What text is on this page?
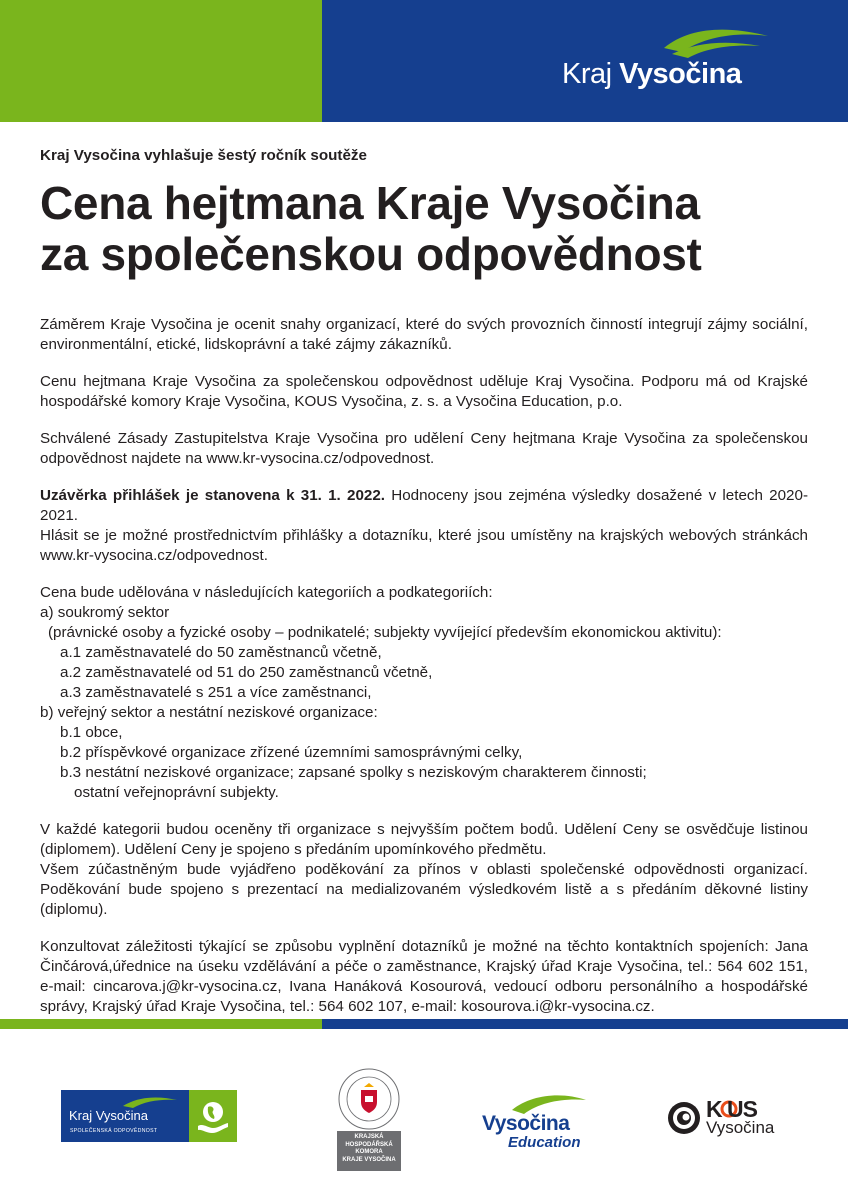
Kraj Vysočina

Kraj Vysočina vyhlašuje šestý ročník soutěže

Cena hejtmana Kraje Vysočina
za společenskou odpovědnost

Záměrem Kraje Vysočina je ocenit snahy organizací, které do svých provozních činností integrují zájmy sociální, environmentální, etické, lidskoprávní a také zájmy zákazníků.

Cenu hejtmana Kraje Vysočina za společenskou odpovědnost uděluje Kraj Vysočina. Podporu má od Krajské hospodářské komory Kraje Vysočina, KOUS Vysočina, z. s. a Vysočina Education, p.o.

Schválené Zásady Zastupitelstva Kraje Vysočina pro udělení Ceny hejtmana Kraje Vysočina za společenskou odpovědnost najdete na www.kr-vysocina.cz/odpovednost.

Uzávěrka přihlášek je stanovena k 31. 1. 2022. Hodnoceny jsou zejména výsledky dosažené v letech 2020-2021.

Hlásit se je možné prostřednictvím přihlášky a dotazníku, které jsou umístěny na krajských webových stránkách www.kr-vysocina.cz/odpovednost.

Cena bude udělována v následujících kategoriích a podkategoriích:
a) soukromý sektor
(právnické osoby a fyzické osoby – podnikatelé; subjekty vyvíjející především ekonomickou aktivitu):
a.1 zaměstnavatelé do 50 zaměstnanců včetně,
a.2 zaměstnavatelé od 51 do 250 zaměstnanců včetně,
a.3 zaměstnavatelé s 251 a více zaměstnanci,
b) veřejný sektor a nestátní neziskové organizace:
b.1 obce,
b.2 příspěvkové organizace zřízené územními samosprávnými celky,
b.3 nestátní neziskové organizace; zapsané spolky s neziskovým charakterem činnosti;
ostatní veřejnoprávní subjekty.

V každé kategorii budou oceněny tři organizace s nejvyšším počtem bodů. Udělení Ceny se osvědčuje listinou (diplomem). Udělení Ceny je spojeno s předáním upomínkového předmětu.

Všem zúčastněným bude vyjádřeno poděkování za přínos v oblasti společenské odpovědnosti organizací. Poděkování bude spojeno s prezentací na medializovaném výsledkovém listě a s předáním děkovné listiny (diplomu).

Konzultovat záležitosti týkající se způsobu vyplnění dotazníků je možné na těchto kontaktních spojeních: Jana Činčárová,úřednice na úseku vzdělávání a péče o zaměstnance, Krajský úřad Kraje Vysočina, tel.: 564 602 151, e-mail: cincarova.j@kr-vysocina.cz, Ivana Hanáková Kosourová, vedoucí odboru personálního a hospodářské správy, Krajský úřad Kraje Vysočina, tel.: 564 602 107, e-mail: kosourova.i@kr-vysocina.cz.

Kraj Vysočina
SPOLEČENSKÁ ODPOVĚDNOST
KRAJSKÁ
HOSPODÁŘSKÁ
KOMORA
KRAJE VYSOČINA
Vysočina
Education
K US
Vysočina
